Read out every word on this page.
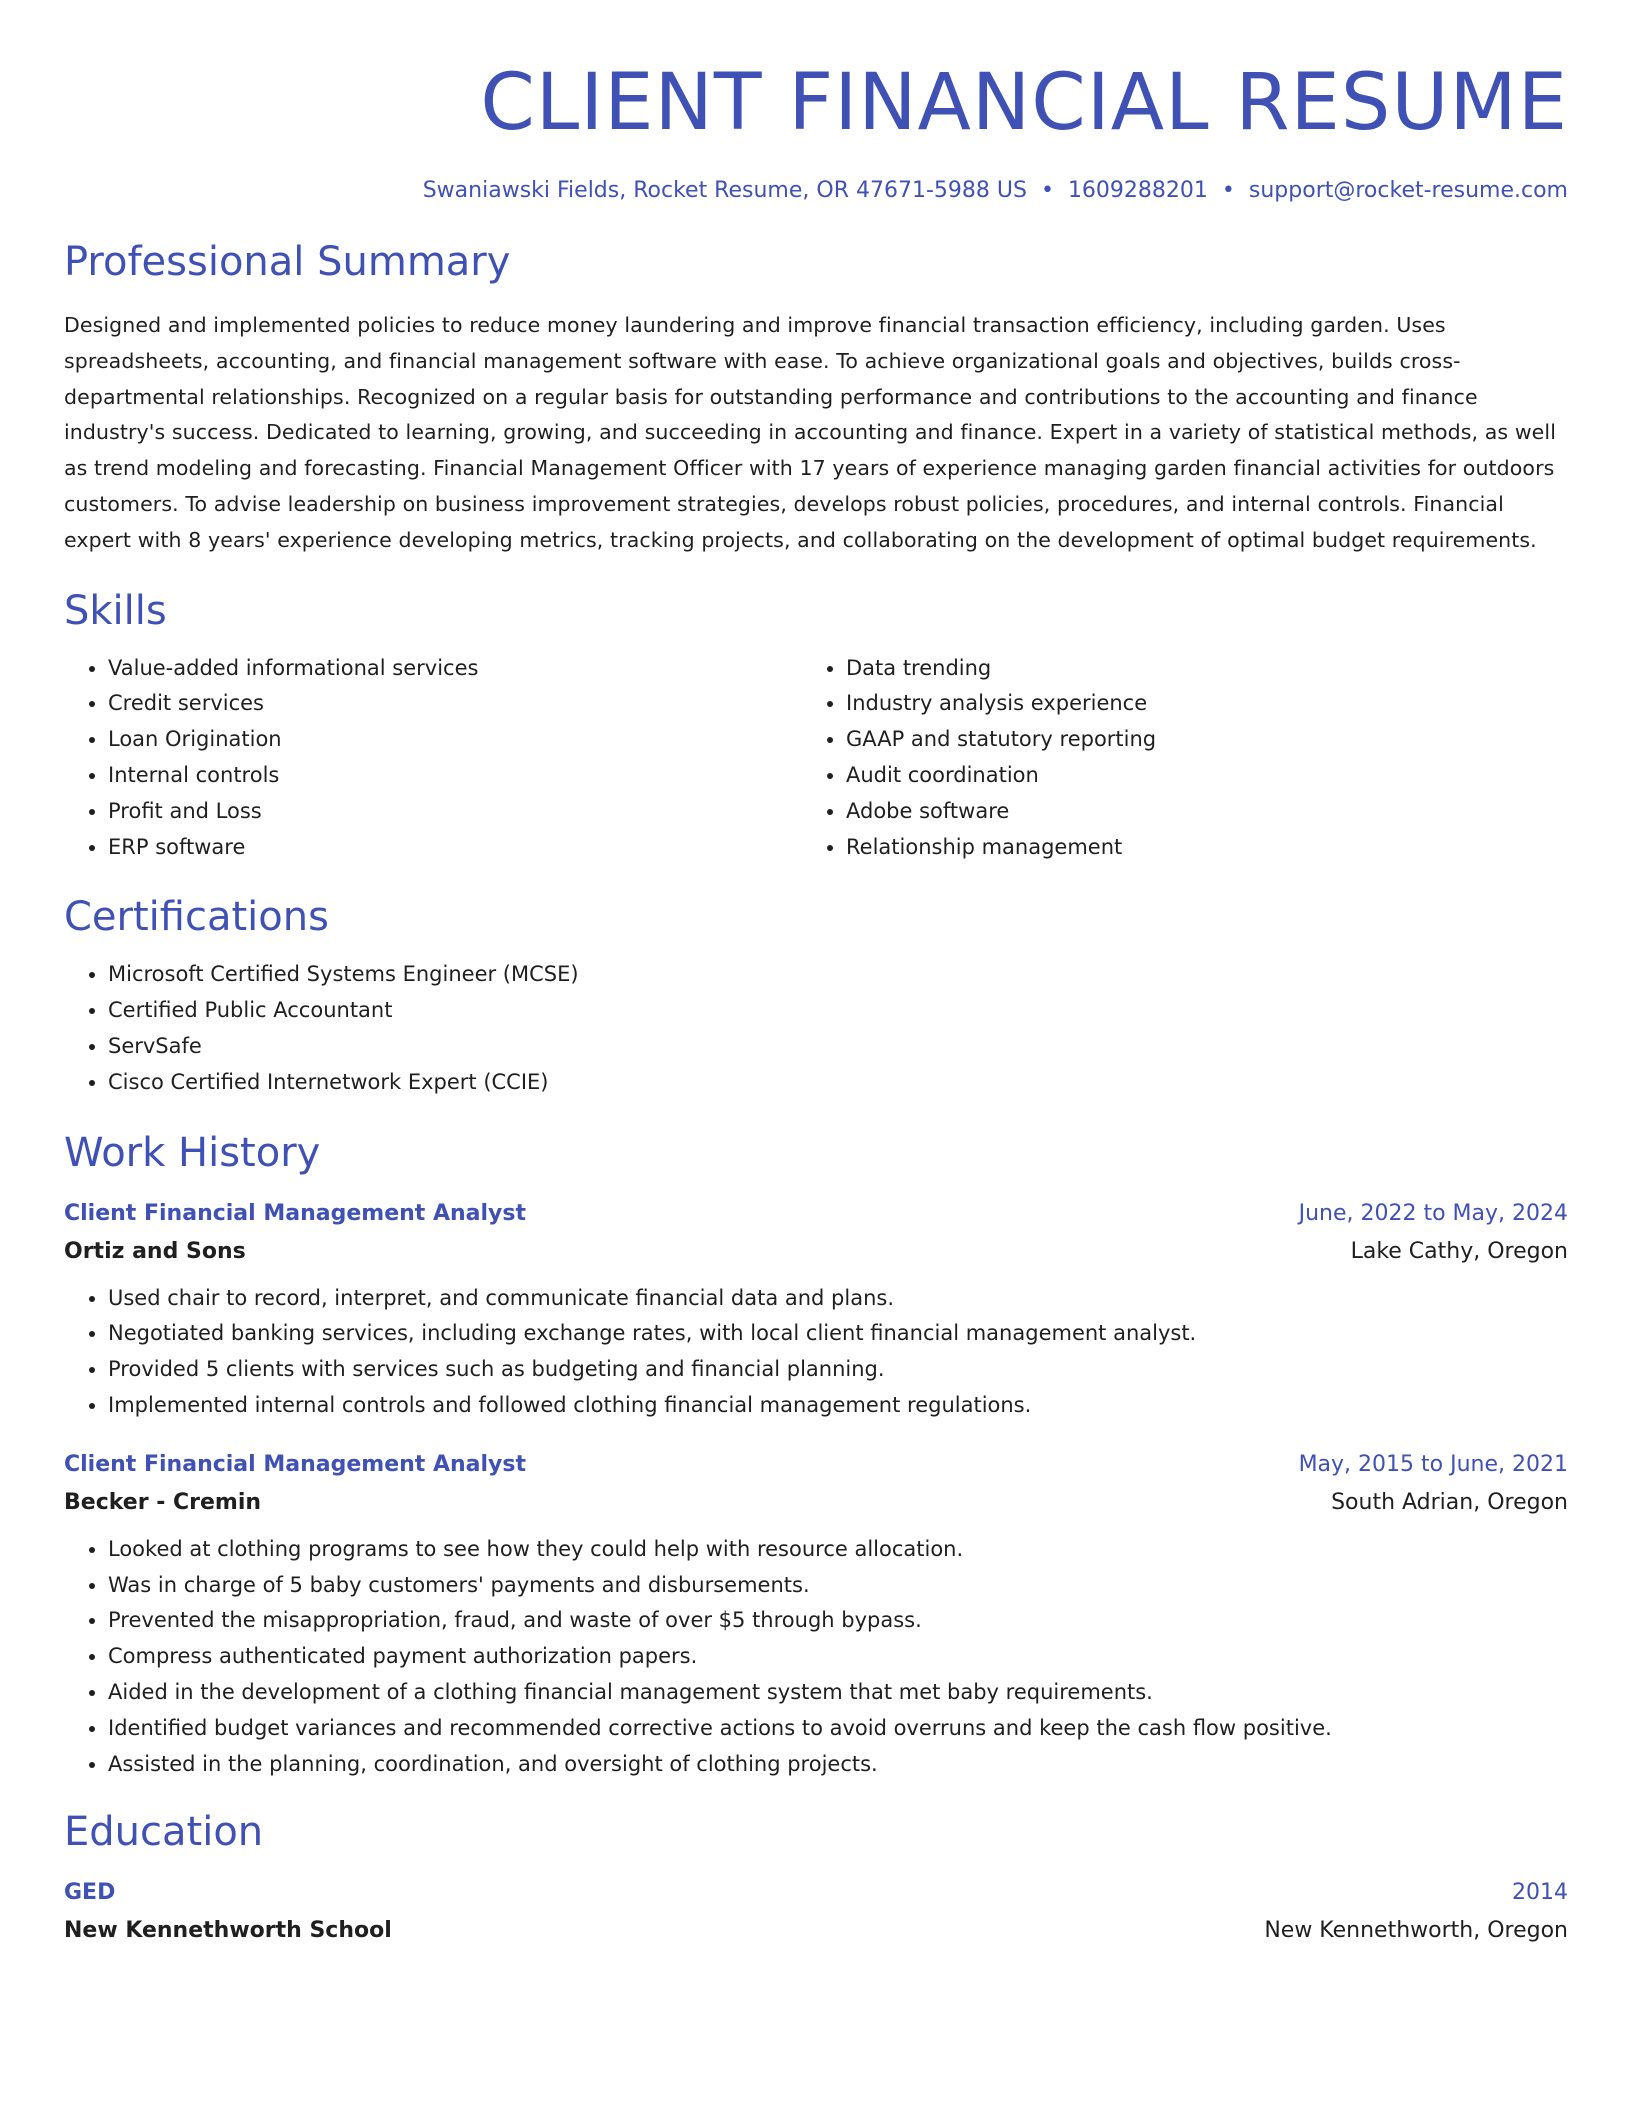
CLIENT FINANCIAL RESUME
Swaniawski Fields, Rocket Resume, OR 47671-5988 US • 1609288201 • support@rocket-resume.com
Professional Summary

Designed and implemented policies to reduce money laundering and improve financial transaction efficiency, including garden. Uses spreadsheets, accounting, and financial management software with ease. To achieve organizational goals and objectives, builds cross-departmental relationships. Recognized on a regular basis for outstanding performance and contributions to the accounting and finance industry's success. Dedicated to learning, growing, and succeeding in accounting and finance. Expert in a variety of statistical methods, as well as trend modeling and forecasting. Financial Management Officer with 17 years of experience managing garden financial activities for outdoors customers. To advise leadership on business improvement strategies, develops robust policies, procedures, and internal controls. Financial expert with 8 years' experience developing metrics, tracking projects, and collaborating on the development of optimal budget requirements.

Skills
• Value-added informational services
• Credit services
• Loan Origination
• Internal controls
• Profit and Loss
• ERP software
• Data trending
• Industry analysis experience
• GAAP and statutory reporting
• Audit coordination
• Adobe software
• Relationship management
Certifications
• Microsoft Certified Systems Engineer (MCSE)
• Certified Public Accountant
• ServSafe
• Cisco Certified Internetwork Expert (CCIE)
Work History
Client Financial Management Analyst	June, 2022 to May, 2024
Ortiz and Sons	Lake Cathy, Oregon
• Used chair to record, interpret, and communicate financial data and plans.
• Negotiated banking services, including exchange rates, with local client financial management analyst.
• Provided 5 clients with services such as budgeting and financial planning.
• Implemented internal controls and followed clothing financial management regulations.
Client Financial Management Analyst	May, 2015 to June, 2021
Becker - Cremin	South Adrian, Oregon
• Looked at clothing programs to see how they could help with resource allocation.
• Was in charge of 5 baby customers' payments and disbursements.
• Prevented the misappropriation, fraud, and waste of over $5 through bypass.
• Compress authenticated payment authorization papers.
• Aided in the development of a clothing financial management system that met baby requirements.
• Identified budget variances and recommended corrective actions to avoid overruns and keep the cash flow positive.
• Assisted in the planning, coordination, and oversight of clothing projects.
Education
GED	2014
New Kennethworth School	New Kennethworth, Oregon
